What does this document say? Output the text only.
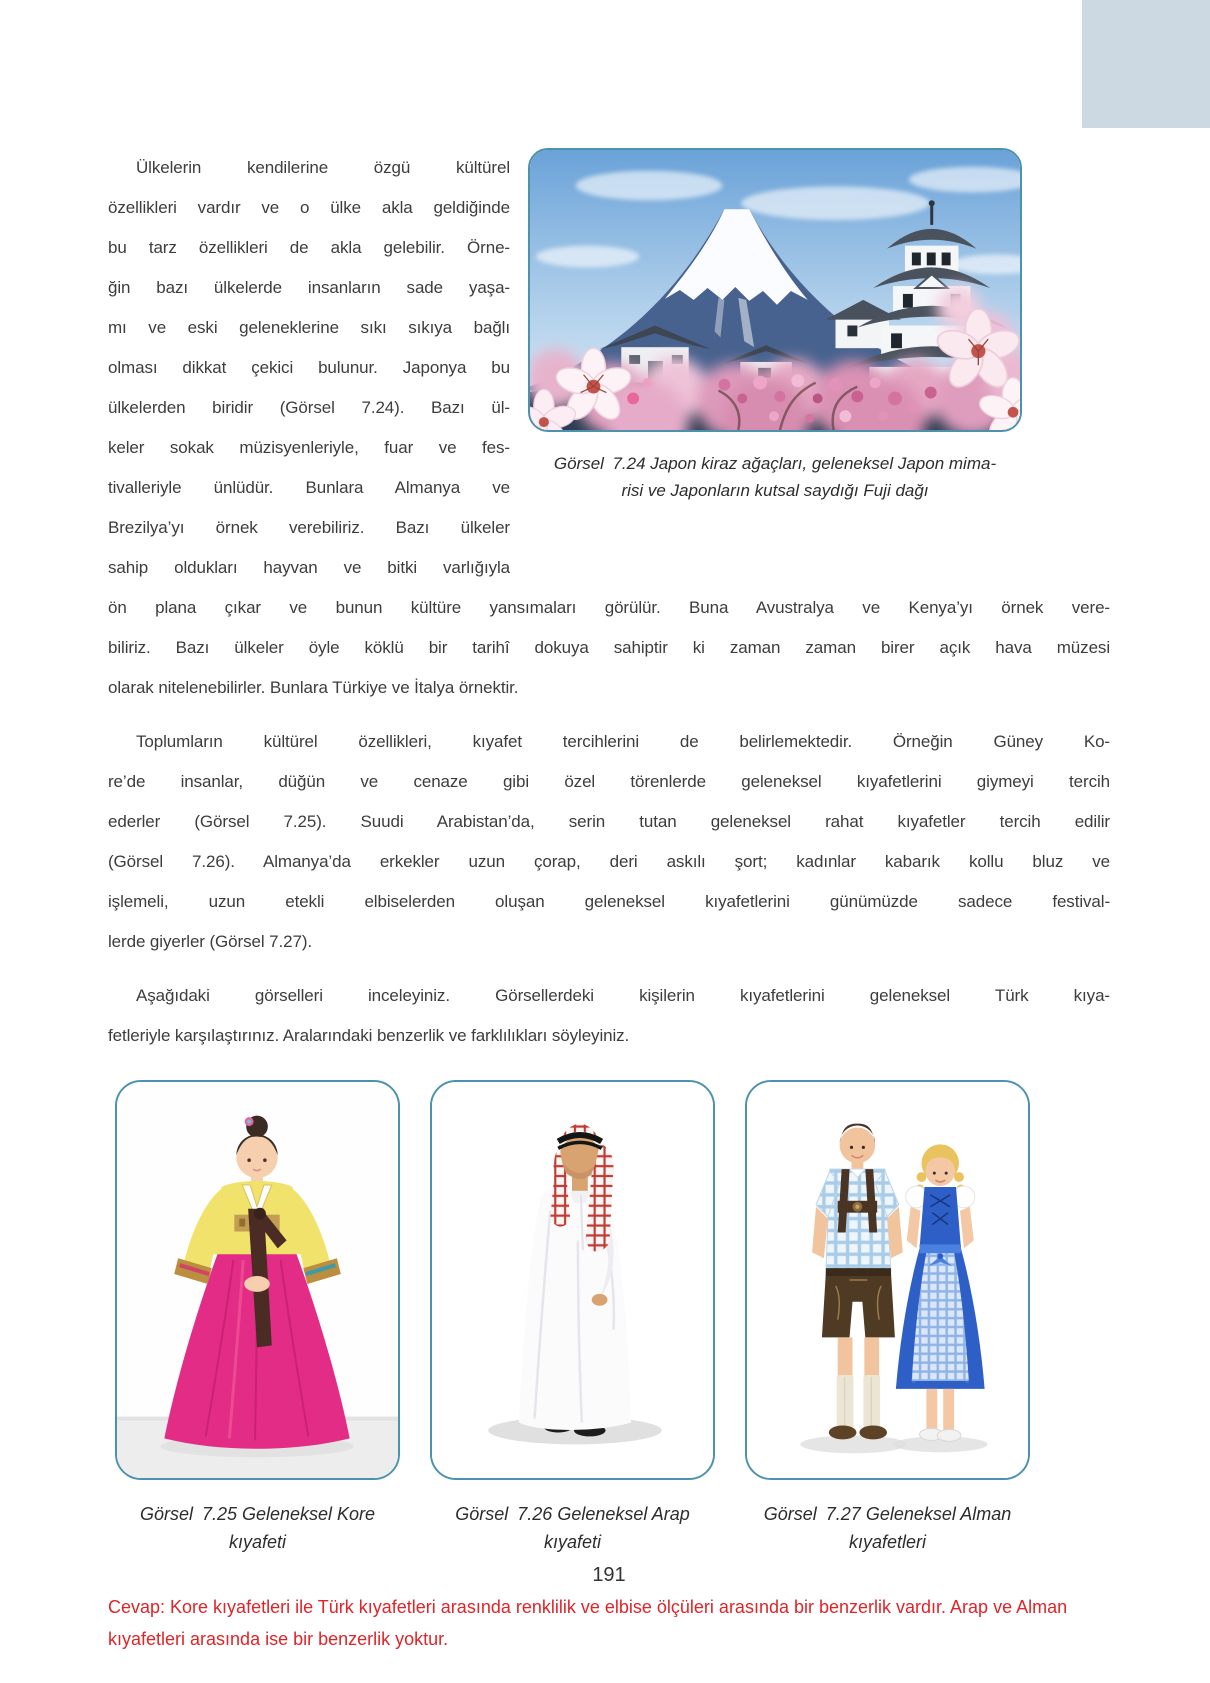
Ülkelerin kendilerine özgü kültürel
özellikleri vardır ve o ülke akla geldiğinde
bu tarz özellikleri de akla gelebilir. Örne-
ğin bazı ülkelerde insanların sade yaşa-
mı ve eski geleneklerine sıkı sıkıya bağlı
olması dikkat çekici bulunur. Japonya bu
ülkelerden biridir (Görsel 7.24). Bazı ül-
keler sokak müzisyenleriyle, fuar ve fes-
tivalleriyle ünlüdür. Bunlara Almanya ve
Brezilya’yı örnek verebiliriz. Bazı ülkeler
sahip oldukları hayvan ve bitki varlığıyla
Görsel 7.24 Japon kiraz ağaçları, geleneksel Japon mima-
risi ve Japonların kutsal saydığı Fuji dağı
ön plana çıkar ve bunun kültüre yansımaları görülür. Buna Avustralya ve Kenya’yı örnek vere-
biliriz. Bazı ülkeler öyle köklü bir tarihî dokuya sahiptir ki zaman zaman birer açık hava müzesi
olarak nitelenebilirler. Bunlara Türkiye ve İtalya örnektir.
Toplumların kültürel özellikleri, kıyafet tercihlerini de belirlemektedir. Örneğin Güney Ko-
re’de insanlar, düğün ve cenaze gibi özel törenlerde geleneksel kıyafetlerini giymeyi tercih
ederler (Görsel 7.25). Suudi Arabistan’da, serin tutan geleneksel rahat kıyafetler tercih edilir
(Görsel 7.26). Almanya’da erkekler uzun çorap, deri askılı şort; kadınlar kabarık kollu bluz ve
işlemeli, uzun etekli elbiselerden oluşan geleneksel kıyafetlerini günümüzde sadece festival-
lerde giyerler (Görsel 7.27).
Aşağıdaki görselleri inceleyiniz. Görsellerdeki kişilerin kıyafetlerini geleneksel Türk kıya-
fetleriyle karşılaştırınız. Aralarındaki benzerlik ve farklılıkları söyleyiniz.
Görsel 7.25 Geleneksel Kore
kıyafeti
Görsel 7.26 Geleneksel Arap
kıyafeti
Görsel 7.27 Geleneksel Alman
kıyafetleri
191
Cevap: Kore kıyafetleri ile Türk kıyafetleri arasında renklilik ve elbise ölçüleri arasında bir benzerlik vardır. Arap ve Alman
kıyafetleri arasında ise bir benzerlik yoktur.
